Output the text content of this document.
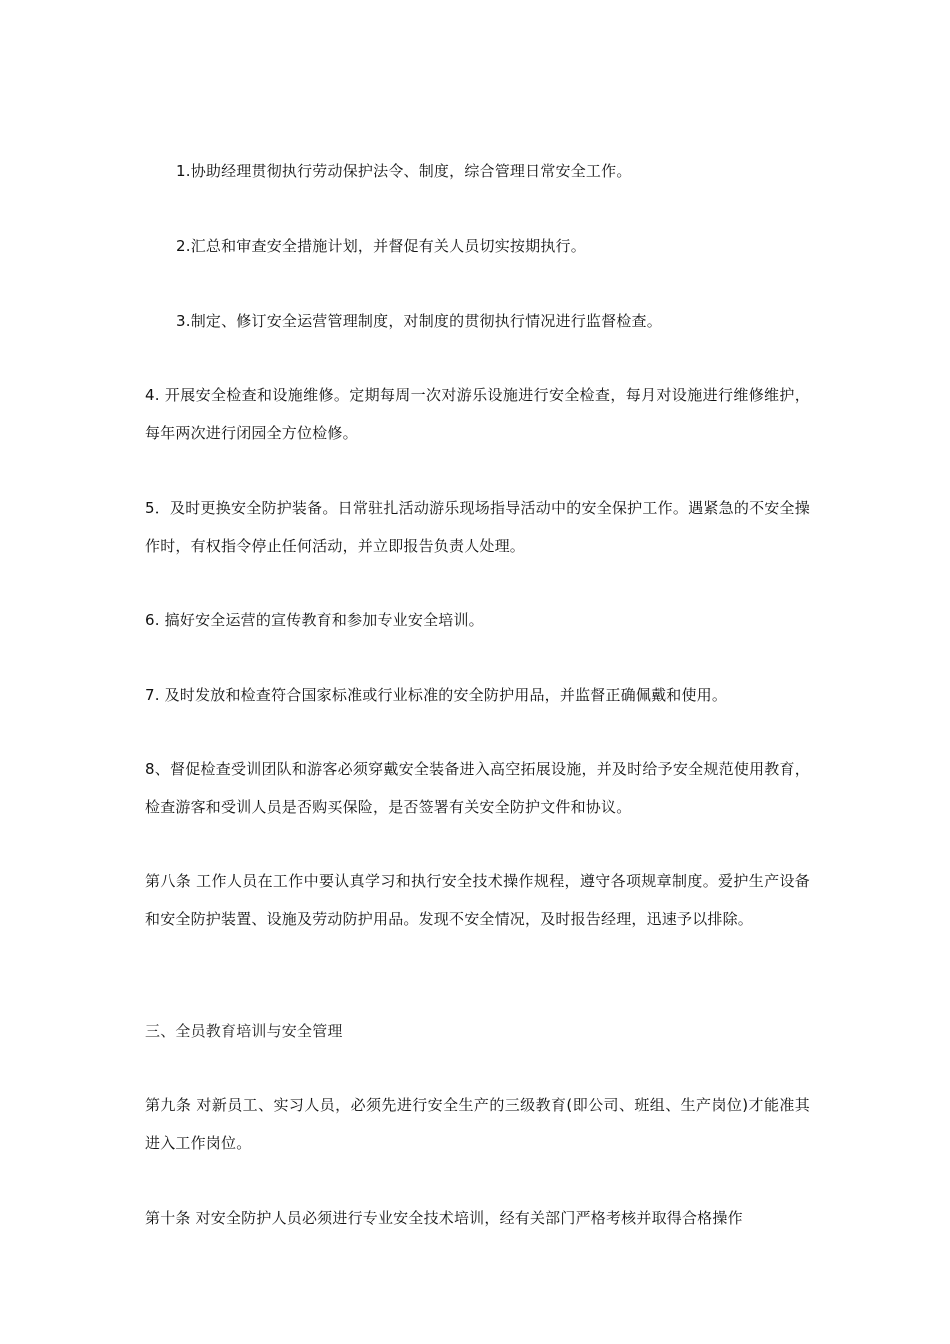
1.协助经理贯彻执行劳动保护法令、制度，综合管理日常安全工作。

2.汇总和审查安全措施计划，并督促有关人员切实按期执行。

3.制定、修订安全运营管理制度，对制度的贯彻执行情况进行监督检查。

4. 开展安全检查和设施维修。定期每周一次对游乐设施进行安全检查，每月对设施进行维修维护，每年两次进行闭园全方位检修。

5．及时更换安全防护装备。日常驻扎活动游乐现场指导活动中的安全保护工作。遇紧急的不安全操作时，有权指令停止任何活动，并立即报告负责人处理。

6. 搞好安全运营的宣传教育和参加专业安全培训。

7. 及时发放和检查符合国家标准或行业标准的安全防护用品，并监督正确佩戴和使用。

8、督促检查受训团队和游客必须穿戴安全装备进入高空拓展设施，并及时给予安全规范使用教育，检查游客和受训人员是否购买保险，是否签署有关安全防护文件和协议。

第八条 工作人员在工作中要认真学习和执行安全技术操作规程，遵守各项规章制度。爱护生产设备和安全防护装置、设施及劳动防护用品。发现不安全情况，及时报告经理，迅速予以排除。

三、全员教育培训与安全管理

第九条 对新员工、实习人员，必须先进行安全生产的三级教育(即公司、班组、生产岗位)才能准其进入工作岗位。

第十条 对安全防护人员必须进行专业安全技术培训，经有关部门严格考核并取得合格操作
